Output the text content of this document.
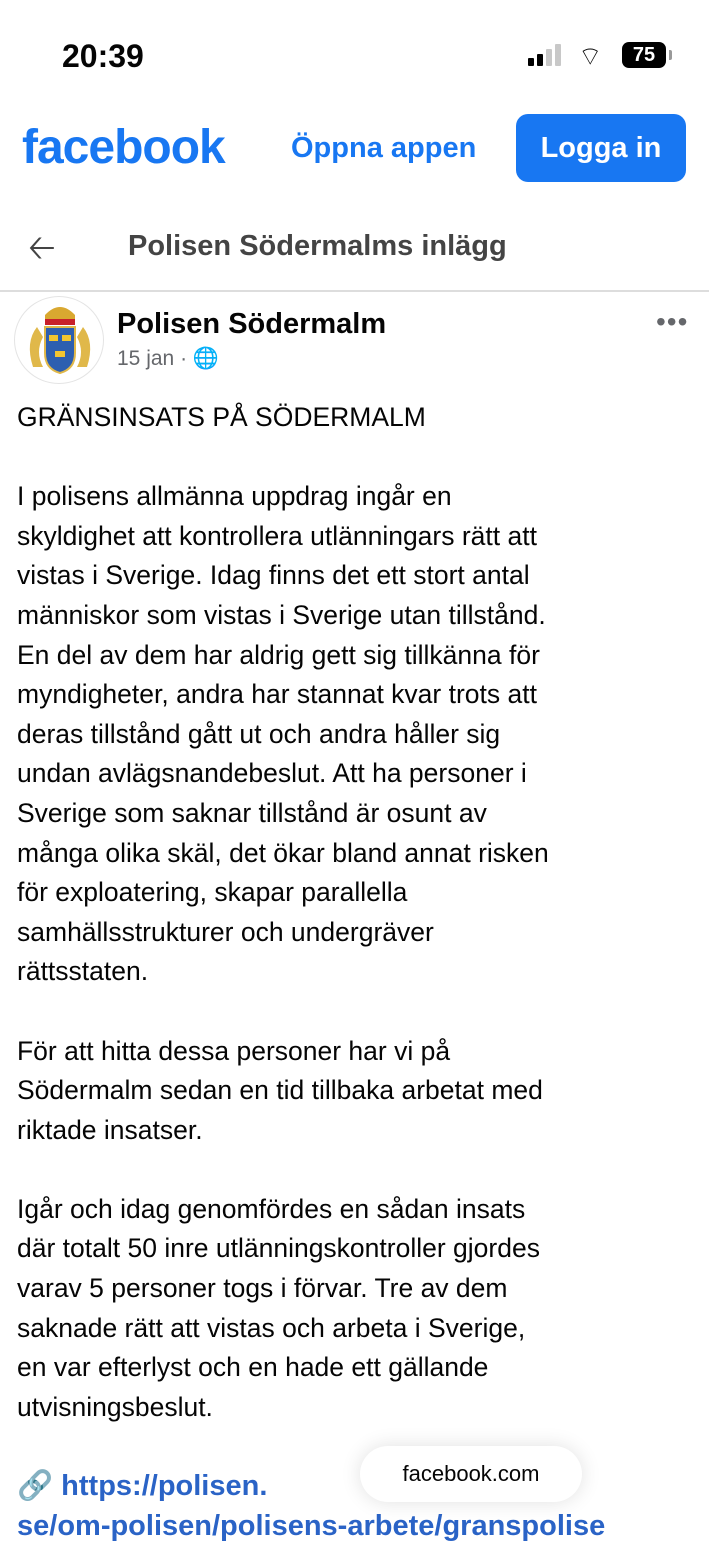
20:39	⌔	75
facebook Öppna appen	Logga in
🡠 Polisen Södermalms inlägg
Polisen Södermalm
15 jan · 🌐
•••
GRÄNSINSATS PÅ SÖDERMALM
I polisens allmänna uppdrag ingår en
skyldighet att kontrollera utlänningars rätt att
vistas i Sverige. Idag finns det ett stort antal
människor som vistas i Sverige utan tillstånd.
En del av dem har aldrig gett sig tillkänna för
myndigheter, andra har stannat kvar trots att
deras tillstånd gått ut och andra håller sig
undan avlägsnandebeslut. Att ha personer i
Sverige som saknar tillstånd är osunt av
många olika skäl, det ökar bland annat risken
för exploatering, skapar parallella
samhällsstrukturer och undergräver
rättsstaten.
För att hitta dessa personer har vi på
Södermalm sedan en tid tillbaka arbetat med
riktade insatser.
Igår och idag genomfördes en sådan insats
där totalt 50 inre utlänningskontroller gjordes
varav 5 personer togs i förvar. Tre av dem
saknade rätt att vistas och arbeta i Sverige,
en var efterlyst och en hade ett gällande
utvisningsbeslut.
🔗 https://polisen.
se/om-polisen/polisens-arbete/granspolise
facebook.com
